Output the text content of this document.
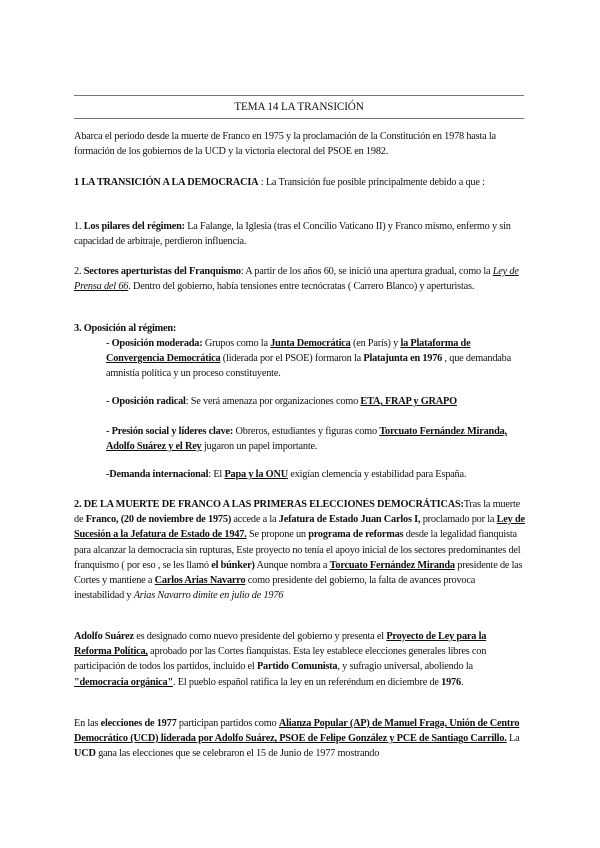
TEMA 14 LA TRANSICIÓN

Abarca el periodo desde la muerte de Franco en 1975 y la proclamación de la Constitución en 1978 hasta la formación de los gobiernos de la UCD y la victoria electoral del PSOE en 1982.

1 LA TRANSICIÓN A LA DEMOCRACIA : La Transición fue posible principalmente debido a que :

1. Los pilares del régimen: La Falange, la Iglesia (tras el Concilio Vaticano II) y Franco mismo, enfermo y sin capacidad de arbitraje, perdieron influencia.

2. Sectores aperturistas del Franquismo: A partir de los años 60, se inició una apertura gradual, como la Ley de Prensa del 66. Dentro del gobierno, había tensiones entre tecnócratas ( Carrero Blanco) y aperturistas.

3. Oposición al régimen:

- Oposición moderada: Grupos como la Junta Democrática (en París) y la Plataforma de Convergencia Democrática (liderada por el PSOE) formaron la Platajunta en 1976 , que demandaba amnistía política y un proceso constituyente.

- Oposición radical: Se verá amenaza por organizaciones como ETA, FRAP y GRAPO

- Presión social y líderes clave: Obreros, estudiantes y figuras como Torcuato Fernández Miranda, Adolfo Suárez y el Rey jugaron un papel importante.

-Demanda internacional: El Papa y la ONU exigían clemencia y estabilidad para España.

2. DE LA MUERTE DE FRANCO A LAS PRIMERAS ELECCIONES DEMOCRÁTICAS:Tras la muerte de Franco, (20 de noviembre de 1975) accede a la Jefatura de Estado Juan Carlos I, proclamado por la Ley de Sucesión a la Jefatura de Estado de 1947. Se propone un programa de reformas desde la legalidad fianquista para alcanzar la democracia sin rupturas, Este proyecto no tenía el apoyo inicial de los sectores predominantes del franquismo ( por eso , se les llamó el búnker) Aunque nombra a Torcuato Fernández Miranda presidente de las Cortes y mantiene a Carlos Arias Navarro como presidente del gobierno, la falta de avances provoca inestabilidad y Arias Navarro dimite en julio de 1976

Adolfo Suárez es designado como nuevo presidente del gobierno y presenta el Proyecto de Ley para la Reforma Política, aprobado por las Cortes fianquistas. Esta ley establece elecciones generales libres con participación de todos los partidos, incluido el Partido Comunista, y sufragio universal, aboliendo la "democracia orgánica". El pueblo español ratifica la ley en un referéndum en diciembre de 1976.

En las elecciones de 1977 participan partidos como Alianza Popular (AP) de Manuel Fraga, Unión de Centro Democrático (UCD) liderada por Adolfo Suárez, PSOE de Felipe González y PCE de Santiago Carrillo. La UCD gana las elecciones que se celebraron el 15 de Junio de 1977 mostrando
